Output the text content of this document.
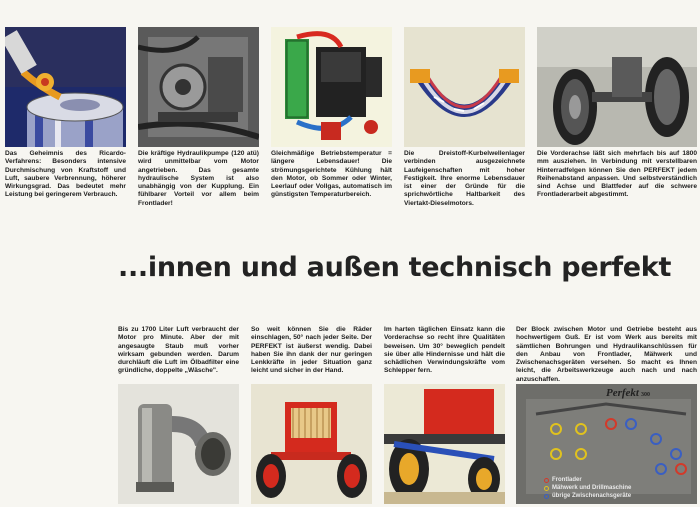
Das Geheimnis des Ricardo-Verfahrens: Besonders intensive Durchmischung von Kraftstoff und Luft, saubere Verbrennung, höherer Wirkungsgrad. Das bedeutet mehr Leistung bei geringerem Verbrauch.
Die kräftige Hydraulikpumpe (120 atü) wird unmittelbar vom Motor angetrieben. Das gesamte hydraulische System ist also unabhängig von der Kupplung. Ein fühlbarer Vorteil vor allem beim Frontlader!
Gleichmäßige Betriebstemperatur = längere Lebensdauer! Die strömungsgerichtete Kühlung hält den Motor, ob Sommer oder Winter, Leerlauf oder Vollgas, automatisch im günstigsten Temperaturbereich.
Die Dreistoff-Kurbelwellenlager verbinden ausgezeichnete Laufeigenschaften mit hoher Festigkeit. Ihre enorme Lebensdauer ist einer der Gründe für die sprichwörtliche Haltbarkeit des Viertakt-Dieselmotors.
Die Vorderachse läßt sich mehrfach bis auf 1800 mm ausziehen. In Verbindung mit verstellbaren Hinterradfelgen können Sie den PERFEKT jedem Reihenabstand anpassen. Und selbstverständlich sind Achse und Blattfeder auf die schwere Frontladerarbeit abgestimmt.
...innen und außen technisch perfekt
Bis zu 1700 Liter Luft verbraucht der Motor pro Minute. Aber der mit angesaugte Staub muß vorher wirksam gebunden werden. Darum durchläuft die Luft im Ölbadfilter eine gründliche, doppelte „Wäsche".
So weit können Sie die Räder einschlagen, 50° nach jeder Seite. Der PERFEKT ist äußerst wendig. Dabei haben Sie ihn dank der nur geringen Lenkkräfte in jeder Situation ganz leicht und sicher in der Hand.
Im harten täglichen Einsatz kann die Vorderachse so recht ihre Qualitäten beweisen. Um 30° beweglich pendelt sie über alle Hindernisse und hält die schädlichen Verwindungskräfte vom Schlepper fern.
Der Block zwischen Motor und Getriebe besteht aus hochwertigem Guß. Er ist vom Werk aus bereits mit sämtlichen Bohrungen und Hydraulikanschlüssen für den Anbau von Frontlader, Mähwerk und Zwischenachsgeräten versehen. So macht es Ihnen leicht, die Arbeitswerkzeuge auch nach und nach anzuschaffen.
Perfekt 300
Frontlader
Mähwerk und Drillmaschine
übrige Zwischenachsgeräte
